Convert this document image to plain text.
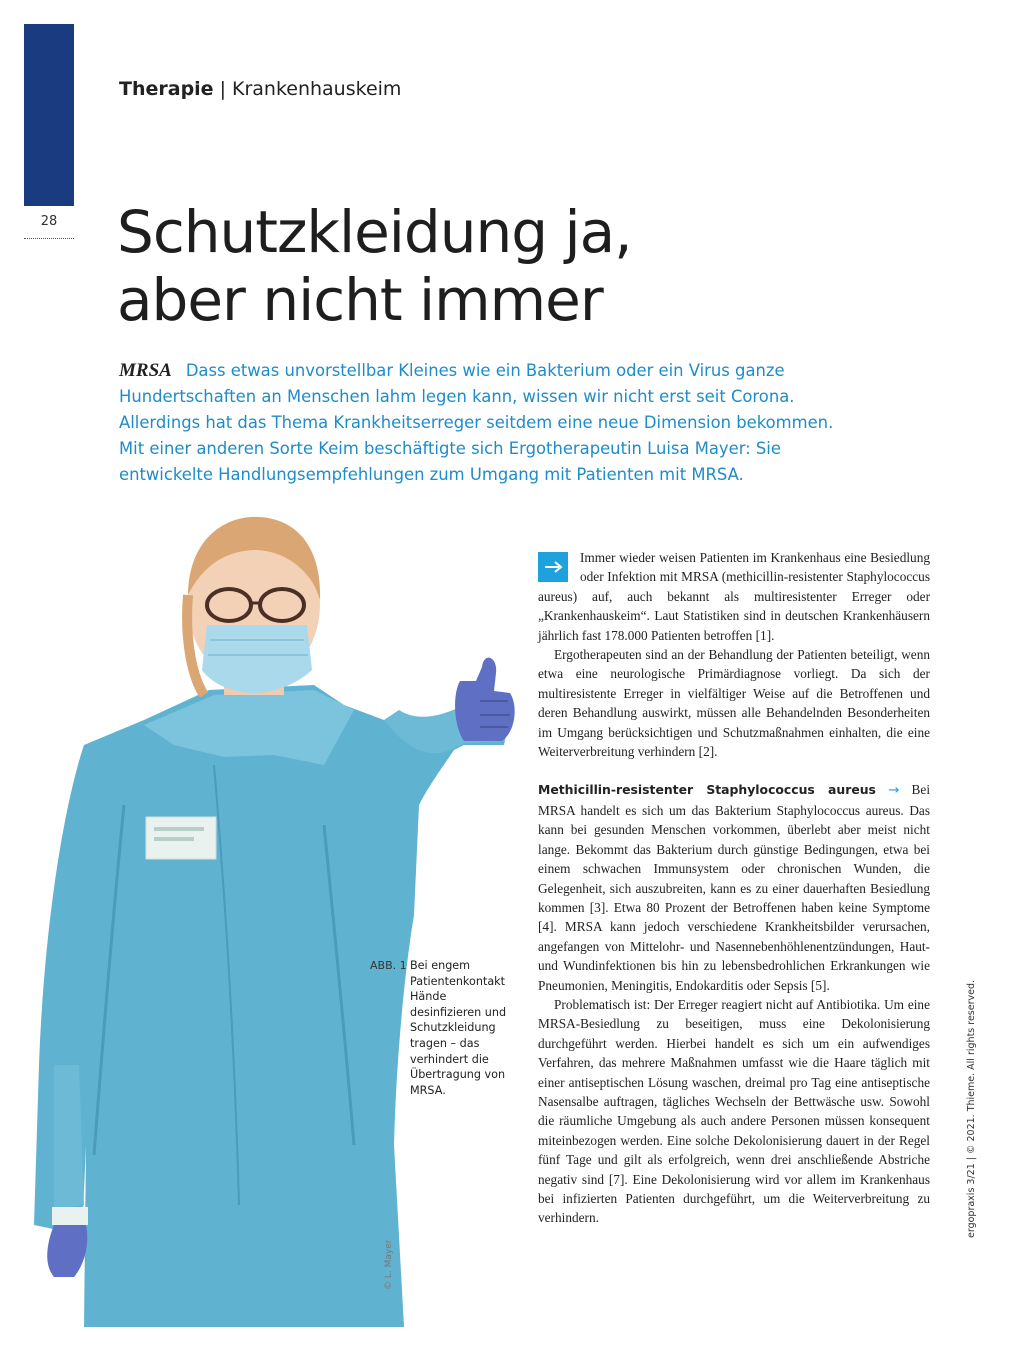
28
Therapie | Krankenhauskeim
Schutzkleidung ja,
aber nicht immer

MRSA Dass etwas unvorstellbar Kleines wie ein Bakterium oder ein Virus ganze Hundertschaften an Menschen lahm legen kann, wissen wir nicht erst seit Corona. Allerdings hat das Thema Krankheitserreger seitdem eine neue Dimension bekommen. Mit einer anderen Sorte Keim beschäftigte sich Ergotherapeutin Luisa Mayer: Sie entwickelte Handlungsempfehlungen zum Umgang mit Patienten mit MRSA.

ABB. 1 Bei engem Patientenkontakt Hände desinfizieren und Schutzkleidung tragen – das verhindert die Übertragung von MRSA.
© L. Mayer
ergopraxis 3/21 | © 2021. Thieme. All rights reserved.

Immer wieder weisen Patienten im Krankenhaus eine Besiedlung oder Infektion mit MRSA (methicillin-resistenter Staphylococcus aureus) auf, auch bekannt als multiresistenter Erreger oder „Krankenhauskeim“. Laut Statistiken sind in deutschen Krankenhäusern jährlich fast 178.000 Patienten betroffen [1].

Ergotherapeuten sind an der Behandlung der Patienten beteiligt, wenn etwa eine neurologische Primärdiagnose vorliegt. Da sich der multiresistente Erreger in vielfältiger Weise auf die Betroffenen und deren Behandlung auswirkt, müssen alle Behandelnden Besonderheiten im Umgang berücksichtigen und Schutzmaßnahmen einhalten, die eine Weiterverbreitung verhindern [2].

Methicillin-resistenter Staphylococcus aureus → Bei MRSA handelt es sich um das Bakterium Staphylococcus aureus. Das kann bei gesunden Menschen vorkommen, überlebt aber meist nicht lange. Bekommt das Bakterium durch günstige Bedingungen, etwa bei einem schwachen Immunsystem oder chronischen Wunden, die Gelegenheit, sich auszubreiten, kann es zu einer dauerhaften Besiedlung kommen [3]. Etwa 80 Prozent der Betroffenen haben keine Symptome [4]. MRSA kann jedoch verschiedene Krankheitsbilder verursachen, angefangen von Mittelohr- und Nasennebenhöhlenentzündungen, Haut- und Wundinfektionen bis hin zu lebensbedrohlichen Erkrankungen wie Pneumonien, Meningitis, Endokarditis oder Sepsis [5].

Problematisch ist: Der Erreger reagiert nicht auf Antibiotika. Um eine MRSA-Besiedlung zu beseitigen, muss eine Dekolonisierung durchgeführt werden. Hierbei handelt es sich um ein aufwendiges Verfahren, das mehrere Maßnahmen umfasst wie die Haare täglich mit einer antiseptischen Lösung waschen, dreimal pro Tag eine antiseptische Nasensalbe auftragen, tägliches Wechseln der Bettwäsche usw. Sowohl die räumliche Umgebung als auch andere Personen müssen konsequent miteinbezogen werden. Eine solche Dekolonisierung dauert in der Regel fünf Tage und gilt als erfolgreich, wenn drei anschließende Abstriche negativ sind [7]. Eine Dekolonisierung wird vor allem im Krankenhaus bei infizierten Patienten durchgeführt, um die Weiterverbreitung zu verhindern.
